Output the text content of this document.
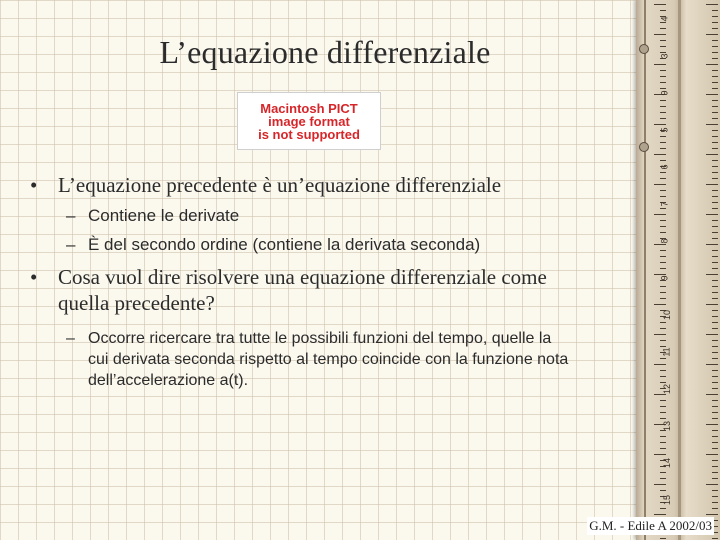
L’equazione differenziale
Macintosh PICT
image format
is not supported
• L’equazione precedente è un’equazione differenziale
– Contiene le derivate
– È del secondo ordine (contiene la derivata seconda)
• Cosa vuol dire risolvere una equazione differenziale come
quella precedente?
– Occorre ricercare tra tutte le possibili funzioni del tempo, quelle la
cui derivata seconda rispetto al tempo coincide con la funzione nota
dell’accelerazione a(t).
4
3
9
5
6
7
8
9
10
11
12
13
14
15
G.M. - Edile A 2002/03
